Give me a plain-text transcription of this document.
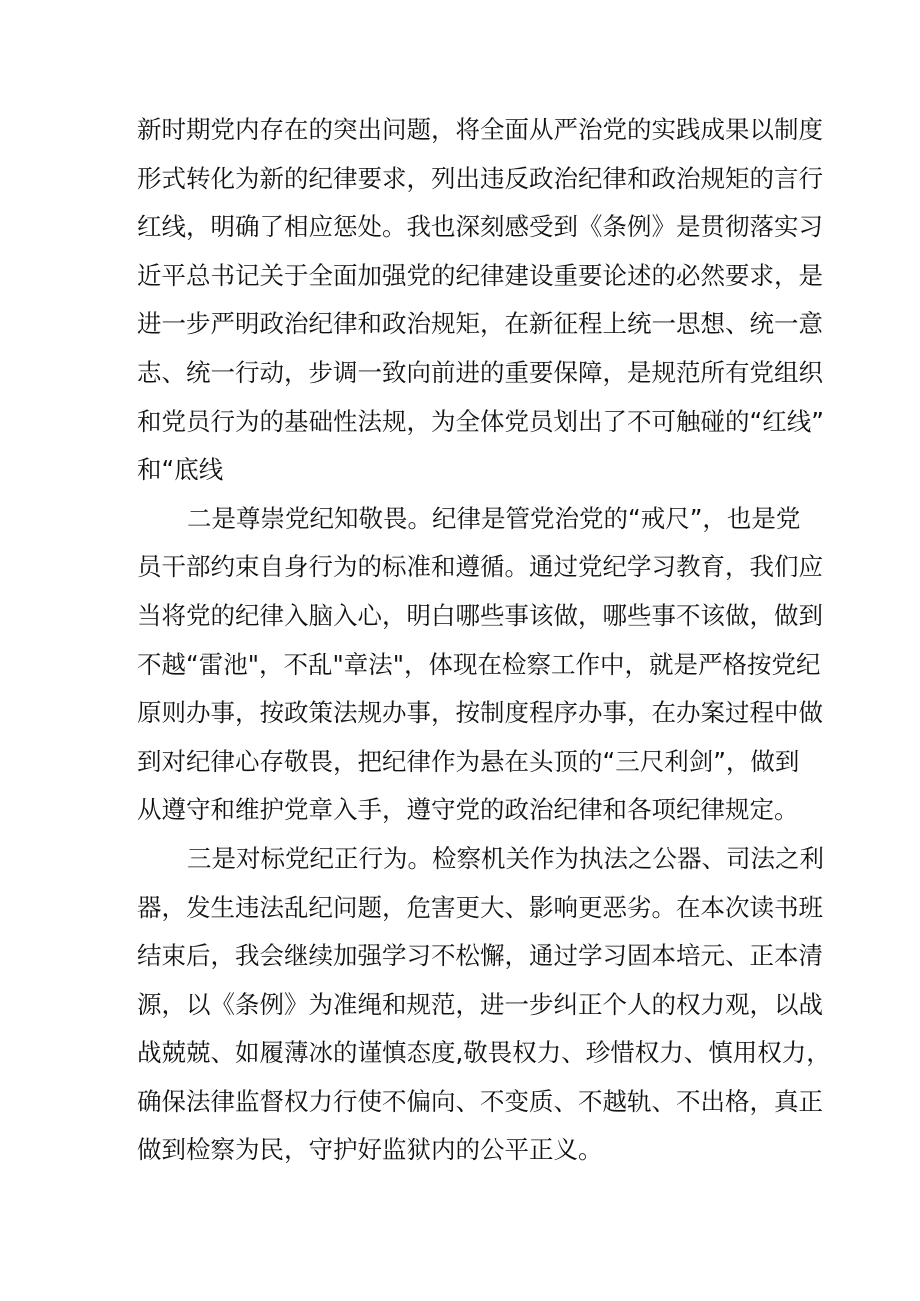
新时期党内存在的突出问题，将全面从严治党的实践成果以制度
形式转化为新的纪律要求，列出违反政治纪律和政治规矩的言行
红线，明确了相应惩处。我也深刻感受到《条例》是贯彻落实习
近平总书记关于全面加强党的纪律建设重要论述的必然要求，是
进一步严明政治纪律和政治规矩，在新征程上统一思想、统一意
志、统一行动，步调一致向前进的重要保障，是规范所有党组织
和党员行为的基础性法规，为全体党员划出了不可触碰的“红线”
和“底线
二是尊崇党纪知敬畏。纪律是管党治党的“戒尺”，也是党
员干部约束自身行为的标准和遵循。通过党纪学习教育，我们应
当将党的纪律入脑入心，明白哪些事该做，哪些事不该做，做到
不越“雷池"，不乱"章法"，体现在检察工作中，就是严格按党纪
原则办事，按政策法规办事，按制度程序办事，在办案过程中做
到对纪律心存敬畏，把纪律作为悬在头顶的“三尺利剑”，做到
从遵守和维护党章入手，遵守党的政治纪律和各项纪律规定。
三是对标党纪正行为。检察机关作为执法之公器、司法之利
器，发生违法乱纪问题，危害更大、影响更恶劣。在本次读书班
结束后，我会继续加强学习不松懈，通过学习固本培元、正本清
源，以《条例》为准绳和规范，进一步纠正个人的权力观，以战
战兢兢、如履薄冰的谨慎态度,敬畏权力、珍惜权力、慎用权力，
确保法律监督权力行使不偏向、不变质、不越轨、不出格，真正
做到检察为民，守护好监狱内的公平正义。
